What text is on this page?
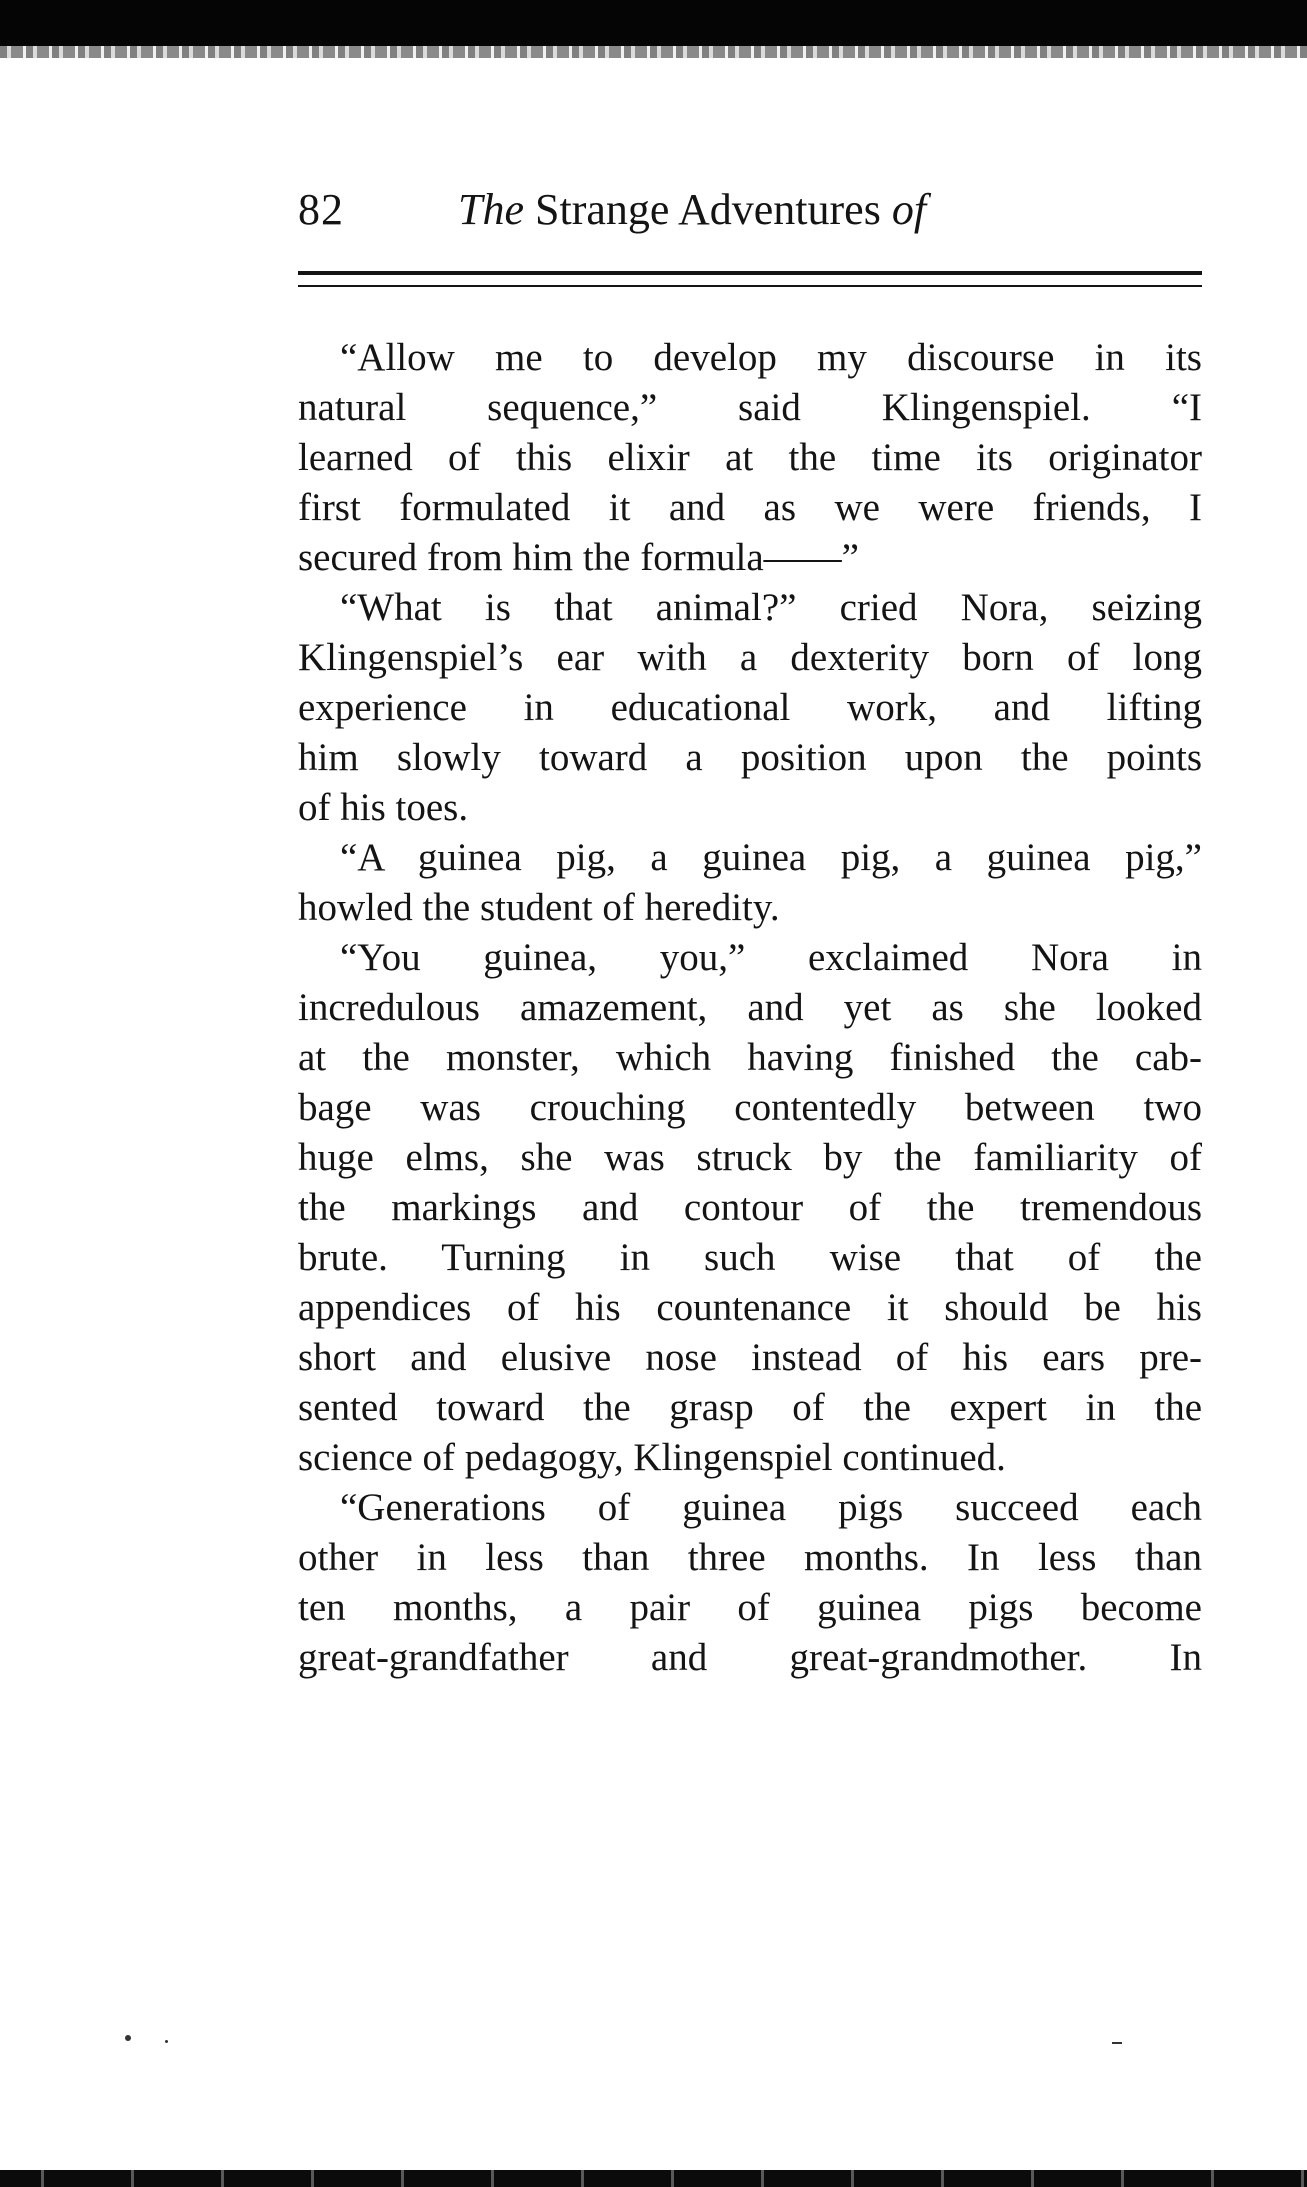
82	The Strange Adventures of
“Allow me to develop my discourse in its
natural sequence,” said Klingenspiel. “I
learned of this elixir at the time its originator
first formulated it and as we were friends, I
secured from him the formula——”
“What is that animal?” cried Nora, seizing
Klingenspiel’s ear with a dexterity born of long
experience in educational work, and lifting
him slowly toward a position upon the points
of his toes.
“A guinea pig, a guinea pig, a guinea pig,”
howled the student of heredity.
“You guinea, you,” exclaimed Nora in
incredulous amazement, and yet as she looked
at the monster, which having finished the cab-
bage was crouching contentedly between two
huge elms, she was struck by the familiarity of
the markings and contour of the tremendous
brute. Turning in such wise that of the
appendices of his countenance it should be his
short and elusive nose instead of his ears pre-
sented toward the grasp of the expert in the
science of pedagogy, Klingenspiel continued.
“Generations of guinea pigs succeed each
other in less than three months. In less than
ten months, a pair of guinea pigs become
great-grandfather and great-grandmother. In
